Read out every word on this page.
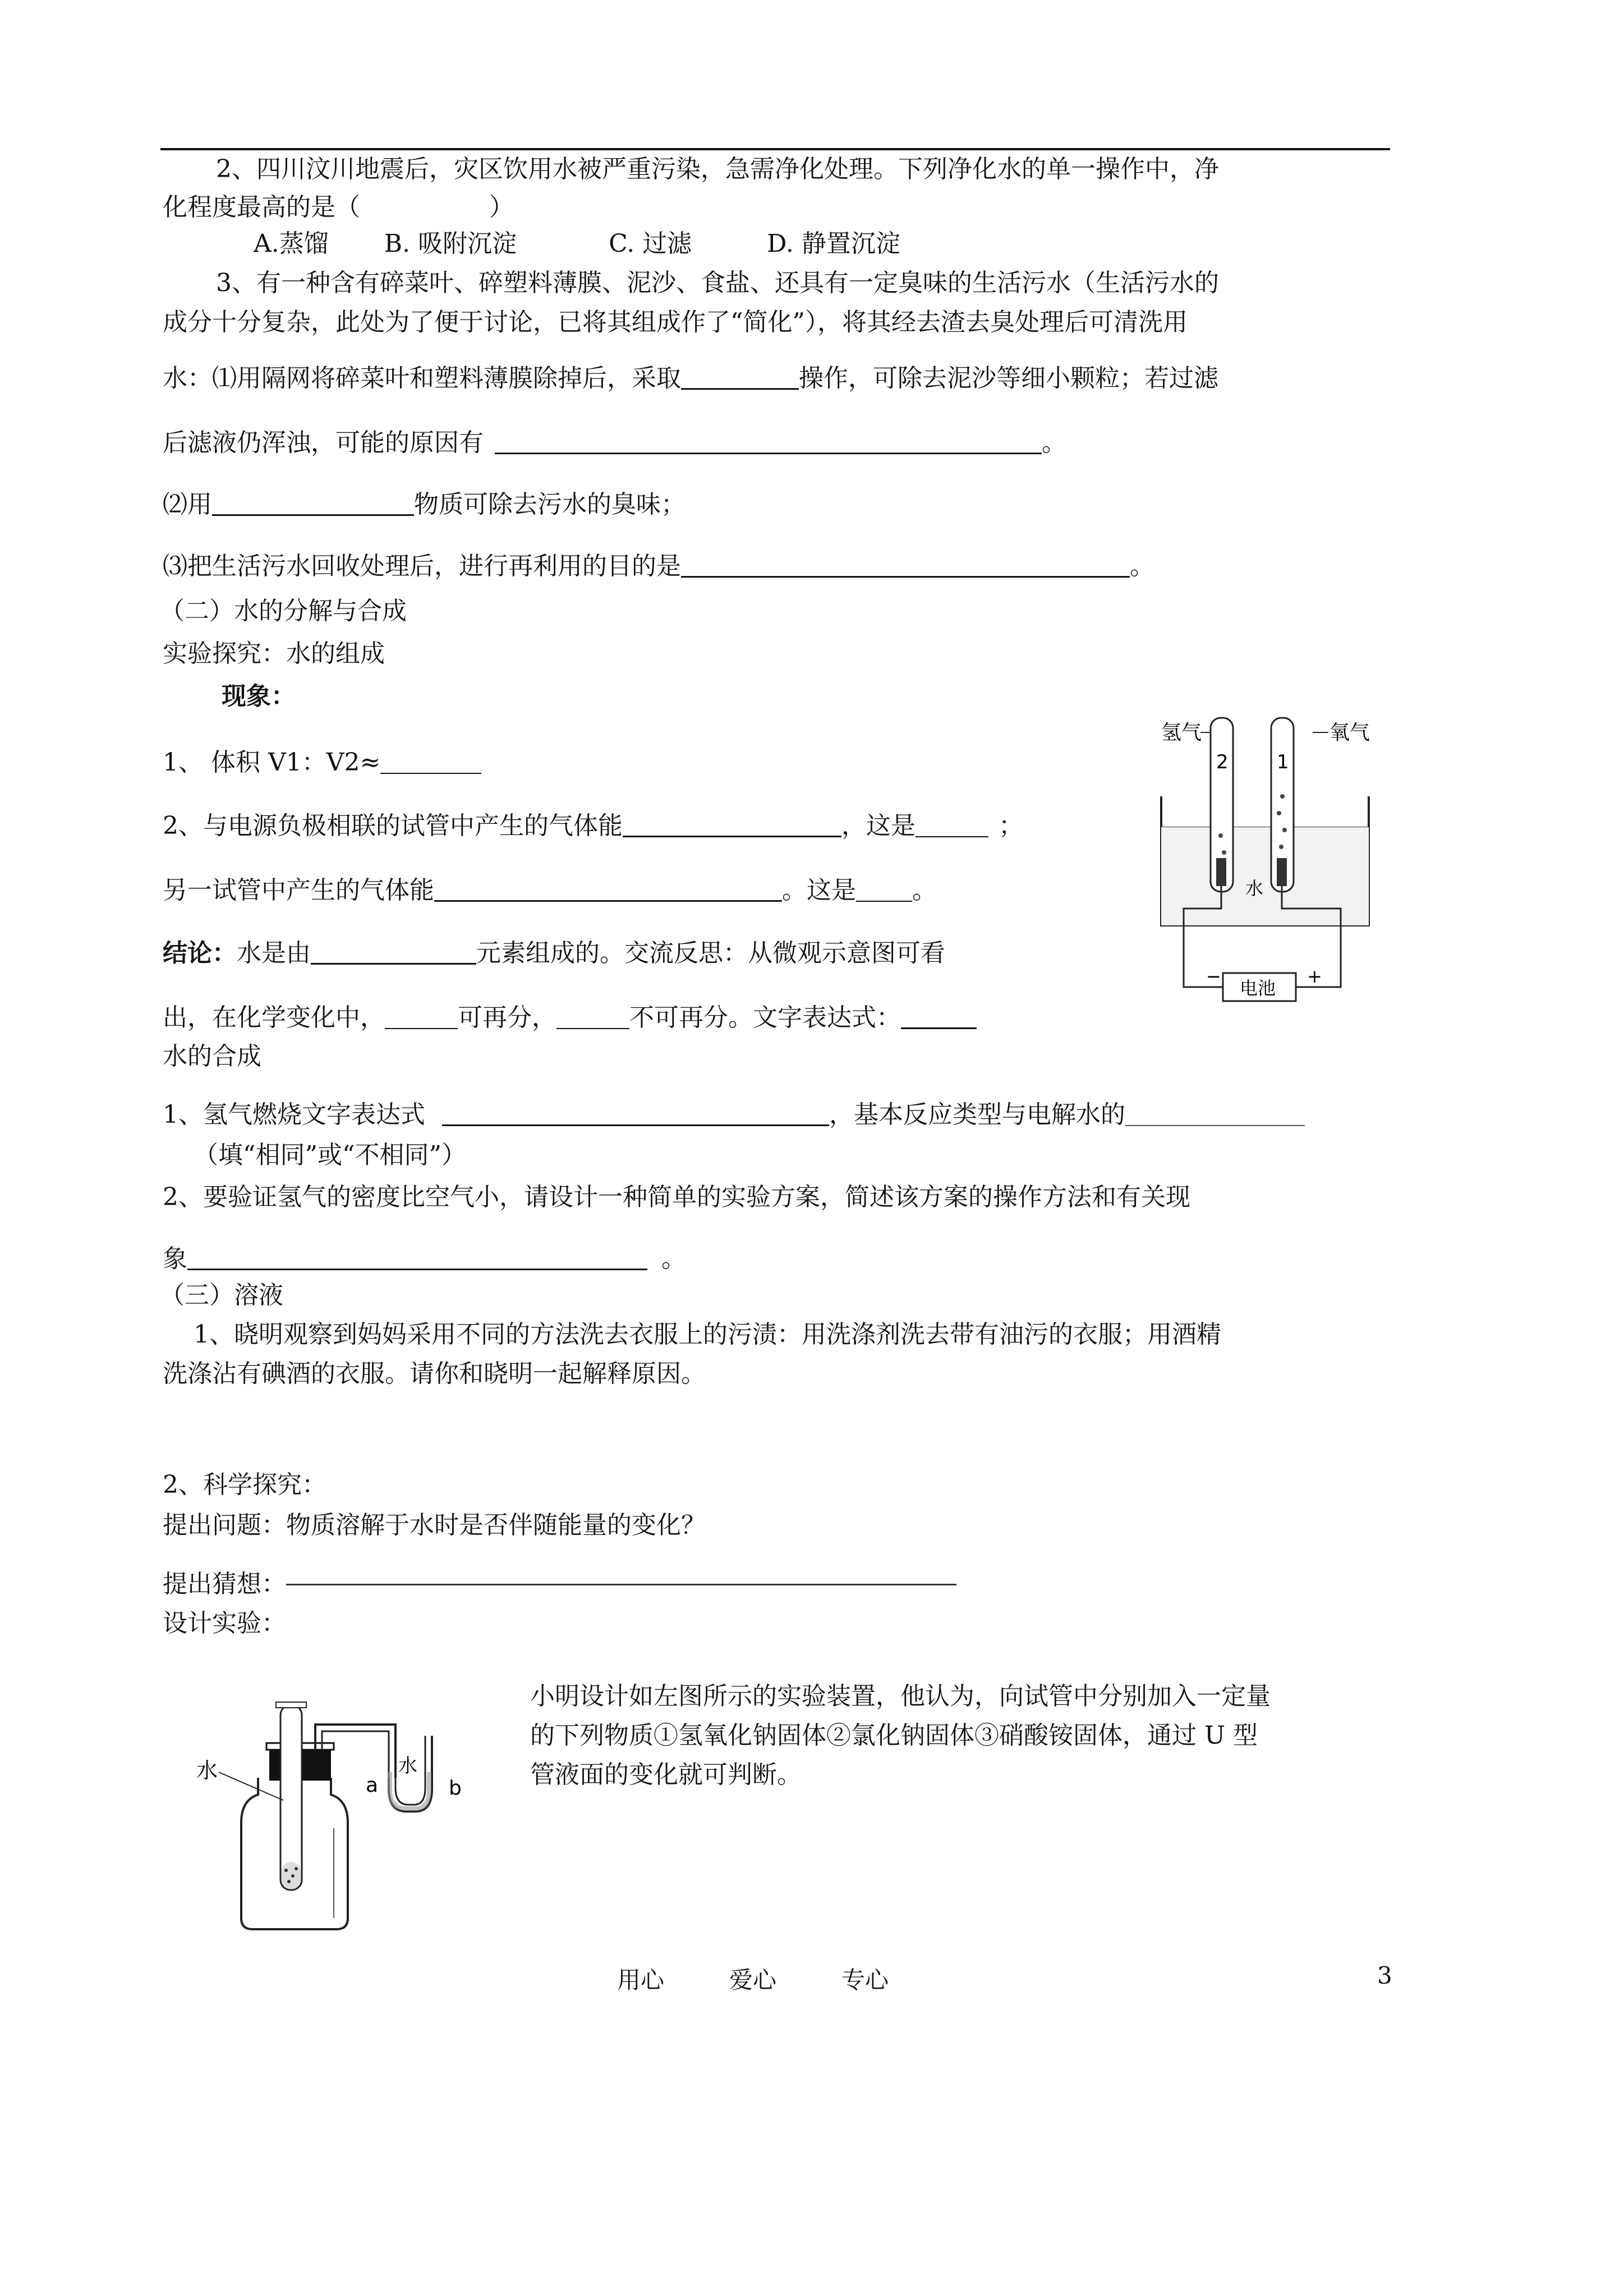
2、四川汶川地震后，灾区饮用水被严重污染，急需净化处理。下列净化水的单一操作中，净
化程度最高的是（	）
A.蒸馏 B. 吸附沉淀	C. 过滤	D. 静置沉淀
3、有一种含有碎菜叶、碎塑料薄膜、泥沙、食盐、还具有一定臭味的生活污水（生活污水的
成分十分复杂，此处为了便于讨论，已将其组成作了“简化”），将其经去渣去臭处理后可清洗用
水：⑴用隔网将碎菜叶和塑料薄膜除掉后，采取	操作，可除去泥沙等细小颗粒；若过滤
后滤液仍浑浊，可能的原因有	。
⑵用	物质可除去污水的臭味；
⑶把生活污水回收处理后，进行再利用的目的是	。
（二）水的分解与合成
实验探究：水的组成
现象：
1、 体积 V1：V2≈
2、与电源负极相联的试管中产生的气体能	，这是	；
另一试管中产生的气体能	。这是 。
结论：水是由	元素组成的。交流反思：从微观示意图可看
出，在化学变化中，	可再分，	不可再分。文字表达式：
水的合成
1、氢气燃烧文字表达式	，基本反应类型与电解水的
（填“相同”或“不相同”）
2、要验证氢气的密度比空气小，请设计一种简单的实验方案，简述该方案的操作方法和有关现
象	。
氢气	氧气
2	1
水
−	+
电池
（三）溶液
1、晓明观察到妈妈采用不同的方法洗去衣服上的污渍：用洗涤剂洗去带有油污的衣服；用酒精
洗涤沾有碘酒的衣服。请你和晓明一起解释原因。
2、科学探究：
提出问题：物质溶解于水时是否伴随能量的变化？
提出猜想：
设计实验：
小明设计如左图所示的实验装置，他认为，向试管中分别加入一定量
的下列物质①氢氧化钠固体②氯化钠固体③硝酸铵固体，通过 U 型
管液面的变化就可判断。
水	水
a	b
用心	爱心	专心	3
